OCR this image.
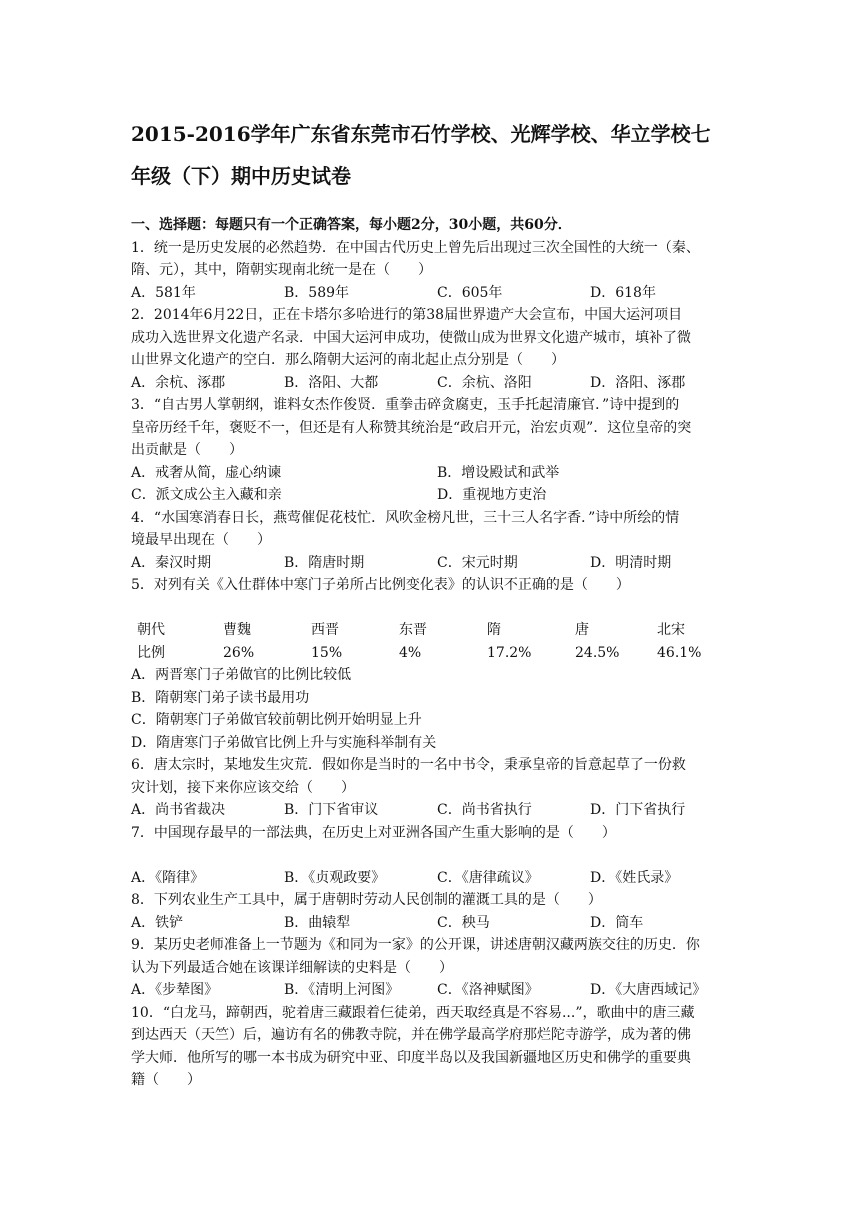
2015-2016学年广东省东莞市石竹学校、光辉学校、华立学校七
年级（下）期中历史试卷
一、选择题：每题只有一个正确答案，每小题2分，30小题，共60分．
1．统一是历史发展的必然趋势．在中国古代历史上曾先后出现过三次全国性的大统一（秦、
隋、元），其中，隋朝实现南北统一是在（　　）
A．581年	B．589年	C．605年	D．618年
2．2014年6月22日，正在卡塔尔多哈进行的第38届世界遗产大会宣布，中国大运河项目
成功入选世界文化遗产名录．中国大运河申成功，使微山成为世界文化遗产城市，填补了微
山世界文化遗产的空白．那么隋朝大运河的南北起止点分别是（　　）
A．余杭、涿郡	B．洛阳、大都	C．余杭、洛阳	D．洛阳、涿郡
3．“自古男人掌朝纲，谁料女杰作俊贤．重拳击碎贪腐吏，玉手托起清廉官．”诗中提到的
皇帝历经千年，褒贬不一，但还是有人称赞其统治是“政启开元，治宏贞观”．这位皇帝的突
出贡献是（　　）
A．戒奢从简，虚心纳谏	B．增设殿试和武举
C．派文成公主入藏和亲	D．重视地方吏治
4．“水国寒消春日长，燕莺催促花枝忙．风吹金榜凡世，三十三人名字香．”诗中所绘的情
境最早出现在（　　）
A．秦汉时期	B．隋唐时期	C．宋元时期	D．明清时期
5．对列有关《入仕群体中寒门子弟所占比例变化表》的认识不正确的是（　　）
朝代	曹魏	西晋	东晋	隋	唐	北宋
比例	26%	15%	4%	17.2%	24.5%	46.1%
A．两晋寒门子弟做官的比例比较低
B．隋朝寒门弟子读书最用功
C．隋朝寒门子弟做官较前朝比例开始明显上升
D．隋唐寒门子弟做官比例上升与实施科举制有关
6．唐太宗时，某地发生灾荒．假如你是当时的一名中书令，秉承皇帝的旨意起草了一份救
灾计划，接下来你应该交给（　　）
A．尚书省裁决	B．门下省审议	C．尚书省执行	D．门下省执行
7．中国现存最早的一部法典，在历史上对亚洲各国产生重大影响的是（　　）
A．《隋律》	B．《贞观政要》	C．《唐律疏议》	D．《姓氏录》
8．下列农业生产工具中，属于唐朝时劳动人民创制的灌溉工具的是（　　）
A．铁铲	B．曲辕犁	C．秧马	D．筒车
9．某历史老师准备上一节题为《和同为一家》的公开课，讲述唐朝汉藏两族交往的历史．你
认为下列最适合她在该课详细解读的史料是（　　）
A．《步辇图》	B．《清明上河图》	C．《洛神赋图》	D．《大唐西域记》
10．“白龙马，蹄朝西，驼着唐三藏跟着仨徒弟，西天取经真是不容易...”，歌曲中的唐三藏
到达西天（天竺）后，遍访有名的佛教寺院，并在佛学最高学府那烂陀寺游学，成为著的佛
学大师．他所写的哪一本书成为研究中亚、印度半岛以及我国新疆地区历史和佛学的重要典
籍（　　）
